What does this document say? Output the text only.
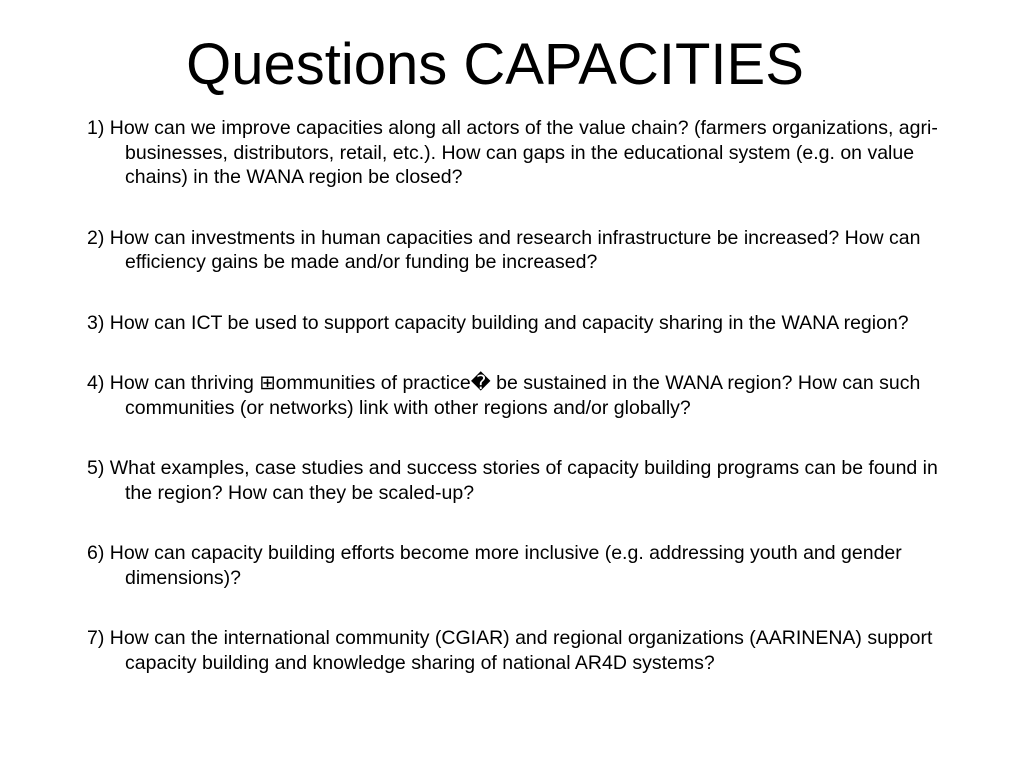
Questions CAPACITIES
1) How can we improve capacities along all actors of the value chain? (farmers organizations, agri-businesses, distributors, retail, etc.). How can gaps in the educational system (e.g. on value chains) in the WANA region be closed?
2) How can investments in human capacities and research infrastructure be increased? How can efficiency gains be made and/or funding be increased?
3) How can ICT be used to support capacity building and capacity sharing in the WANA region?
4) How can thriving ⊞ommunities of practice� be sustained in the WANA region? How can such communities (or networks) link with other regions and/or globally?
5) What examples, case studies and success stories of capacity building programs can be found in the region? How can they be scaled-up?
6) How can capacity building efforts become more inclusive (e.g. addressing youth and gender dimensions)?
7) How can the international community (CGIAR) and regional organizations (AARINENA) support capacity building and knowledge sharing of national AR4D systems?
